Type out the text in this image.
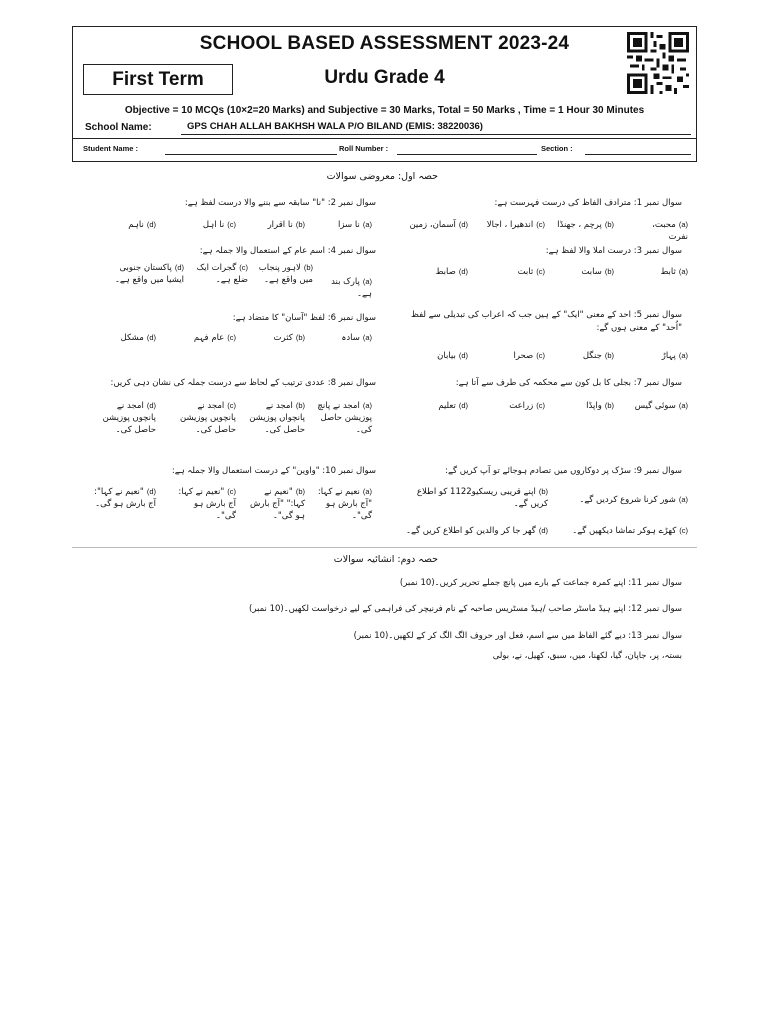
SCHOOL BASED ASSESSMENT 2023-24
First Term	Urdu Grade 4
Objective = 10 MCQs (10×2=20 Marks) and Subjective = 30 Marks, Total = 50 Marks , Time = 1 Hour 30 Minutes
School Name:	GPS CHAH ALLAH BAKHSH WALA P/O BILAND (EMIS: 38220036)
Student Name :	Roll Number :	Section :
حصہ اول: معروضی سوالات
سوال نمبر 1: مترادف الفاظ کی درست فہرست ہے:
(a)محبت، نفرت
(b)پرچم ، جھنڈا
(c)اندھیرا ، اجالا
(d)آسمان، زمین
سوال نمبر 2: "نا" سابقہ سے بننے والا درست لفظ ہے:
(a)نا سزا
(b)نا اقرار
(c)نا اہل
(d)ناہم
سوال نمبر 3: درست املا والا لفظ ہے:
(a)ثابط
(b)سابت
(c)ثابت
(d)صابط
سوال نمبر 4: اسم عام کے استعمال والا جملہ ہے:
(a)پارک بند ہے۔
(b)لاہور پنجاب میں واقع ہے۔
(c)گجرات ایک ضلع ہے۔
(d)پاکستان جنوبی ایشیا میں واقع ہے۔
سوال نمبر 5: احد کے معنی "ایک" کے ہیں جب کہ اعراب کی تبدیلی سے لفظ "اُحد" کے معنی ہوں گے:
(a)پہاڑ
(b)جنگل
(c)صحرا
(d)بیابان
سوال نمبر 6: لفظ "آسان" کا متضاد ہے:
(a)سادہ
(b)کثرت
(c)عام فہم
(d)مشکل
سوال نمبر 7: بجلی کا بل کون سے محکمہ کی طرف سے آتا ہے:
(a)سوئی گیس
(b)واپڈا
(c)زراعت
(d)تعلیم
سوال نمبر 8: عددی ترتیب کے لحاظ سے درست جملہ کی نشان دہی کریں:
(a)امجد نے پانچ پوزیشن حاصل کی۔
(b)امجد نے پانچواں پوزیشن حاصل کی۔
(c)امجد نے پانچویں پوزیشن حاصل کی۔
(d)امجد نے پانچوں پوزیشن حاصل کی۔
سوال نمبر 9: سڑک پر دوکاروں میں تصادم ہوجائے تو آپ کریں گے:
(a)شور کرنا شروع کردیں گے۔
(b)اپنے قریبی ریسکیو1122 کو اطلاع کریں گے۔
(c)کھڑے ہوکر تماشا دیکھیں گے۔
(d)گھر جا کر والدین کو اطلاع کریں گے۔
سوال نمبر 10: "واوین" کے درست استعمال والا جملہ ہے:
(a)نعیم نے کہا: "آج بارش ہو گی"۔
(b)"نعیم نے کہا:" "آج بارش ہو گی"۔
(c)"نعیم نے کہا: آج بارش ہو گی"۔
(d)"نعیم نے کہا": آج بارش ہو گی۔
حصہ دوم: انشائیہ سوالات
سوال نمبر 11: اپنے کمرہ جماعت کے بارے میں پانچ جملے تحریر کریں۔(10 نمبر)
سوال نمبر 12: اپنے ہیڈ ماسٹر صاحب /ہیڈ مسٹریس صاحبہ کے نام فرنیچر کی فراہمی کے لیے درخواست لکھیں۔(10 نمبر)
سوال نمبر 13: دیے گئے الفاظ میں سے اسم، فعل اور حروف الگ الگ کر کے لکھیں۔(10 نمبر)
بستہ، پر، جاپان، گیا، لکھنا، میں، سبق، کھیل، نے، بولی
